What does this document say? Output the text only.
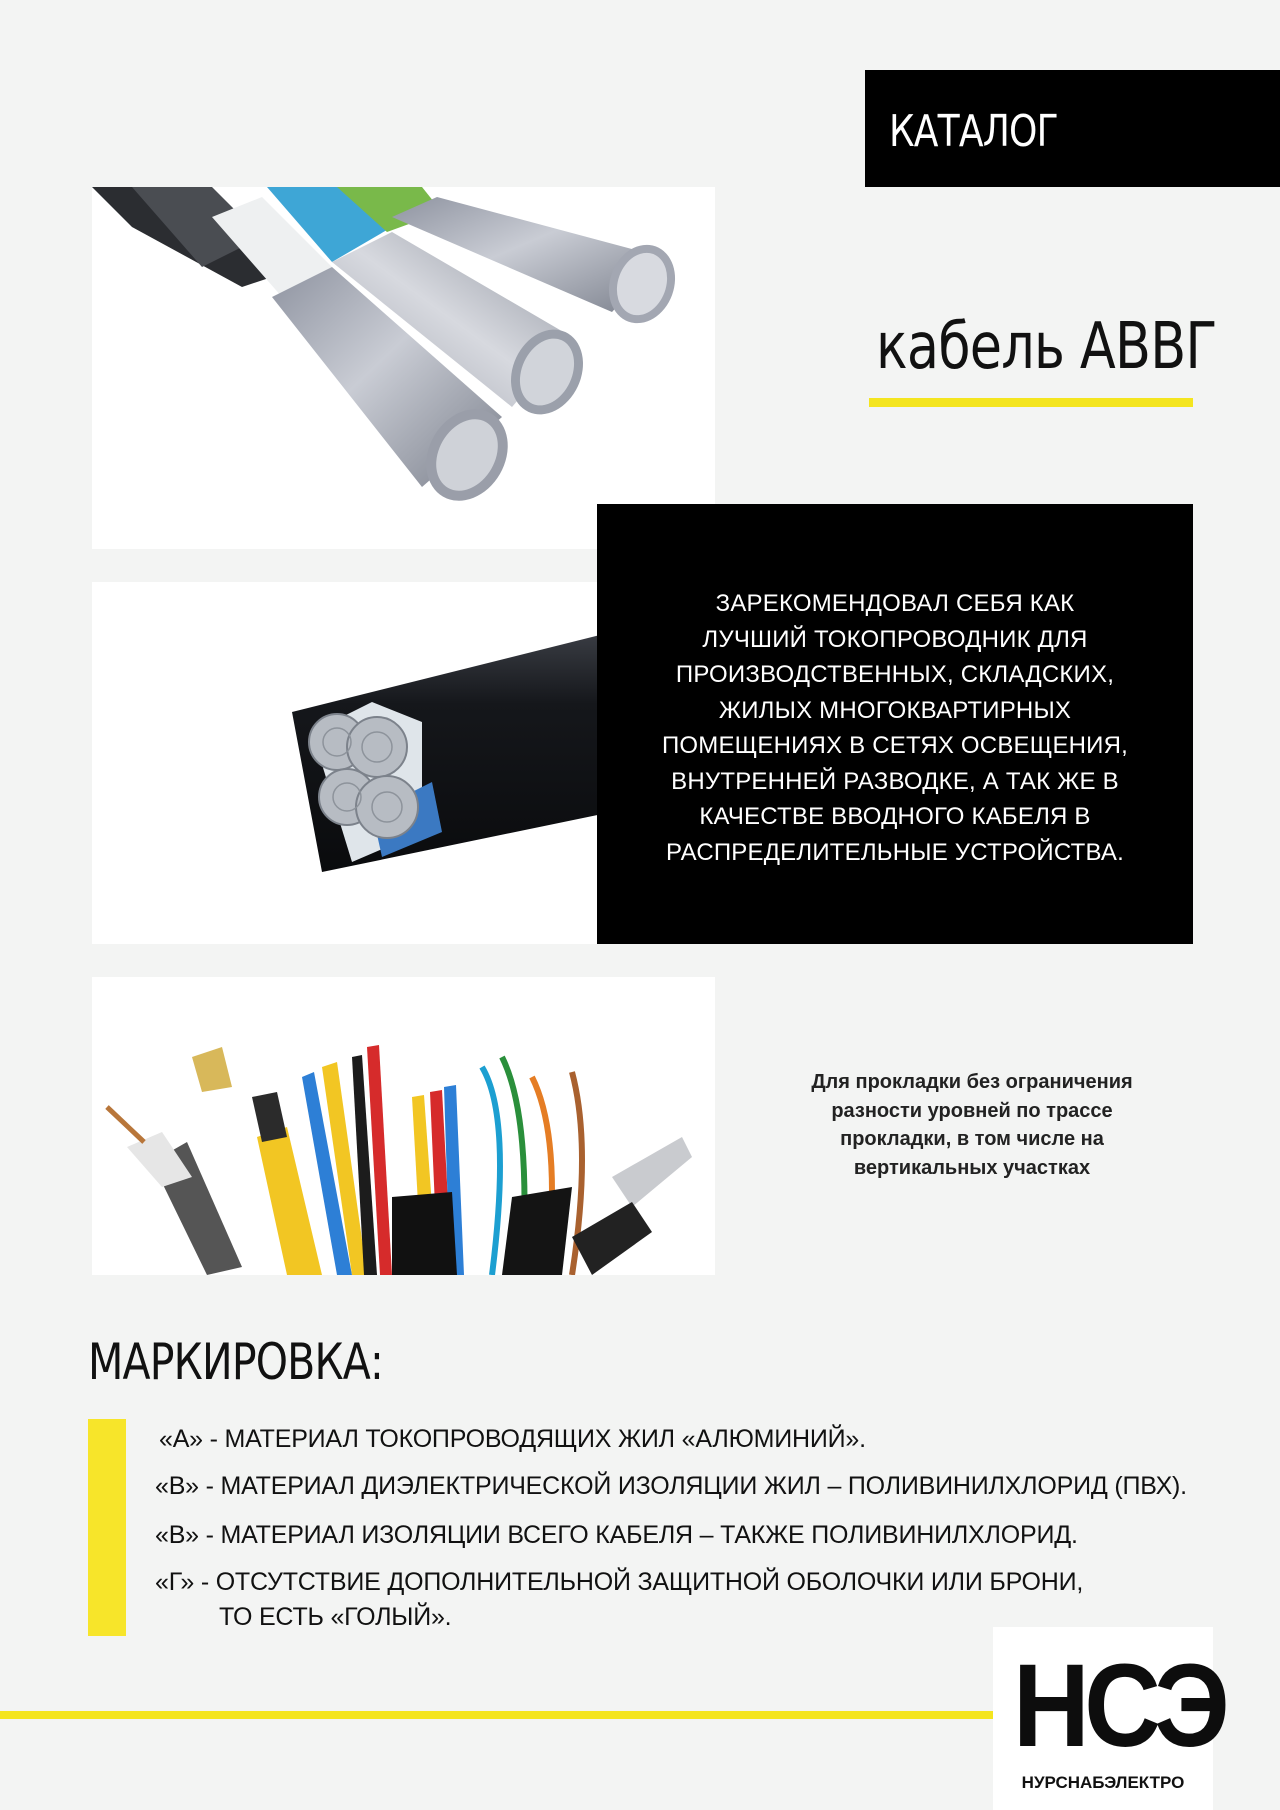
КАТАЛОГ
кабель АВВГ
ЗАРЕКОМЕНДОВАЛ СЕБЯ КАК
ЛУЧШИЙ ТОКОПРОВОДНИК ДЛЯ
ПРОИЗВОДСТВЕННЫХ, СКЛАДСКИХ,
ЖИЛЫХ МНОГОКВАРТИРНЫХ
ПОМЕЩЕНИЯХ В СЕТЯХ ОСВЕЩЕНИЯ,
ВНУТРЕННЕЙ РАЗВОДКЕ, А ТАК ЖЕ В
КАЧЕСТВЕ ВВОДНОГО КАБЕЛЯ В
РАСПРЕДЕЛИТЕЛЬНЫЕ УСТРОЙСТВА.
Для прокладки без ограничения
разности уровней по трассе
прокладки, в том числе на
вертикальных участках
МАРКИРОВКА:
«А» - МАТЕРИАЛ ТОКОПРОВОДЯЩИХ ЖИЛ «АЛЮМИНИЙ».
«В» - МАТЕРИАЛ ДИЭЛЕКТРИЧЕСКОЙ ИЗОЛЯЦИИ ЖИЛ – ПОЛИВИНИЛХЛОРИД (ПВХ).
«В» - МАТЕРИАЛ ИЗОЛЯЦИИ ВСЕГО КАБЕЛЯ – ТАКЖЕ ПОЛИВИНИЛХЛОРИД.
«Г» - ОТСУТСТВИЕ ДОПОЛНИТЕЛЬНОЙ ЗАЩИТНОЙ ОБОЛОЧКИ ИЛИ БРОНИ,
ТО ЕСТЬ «ГОЛЫЙ».
НСЭ
НУРСНАБЭЛЕКТРО
